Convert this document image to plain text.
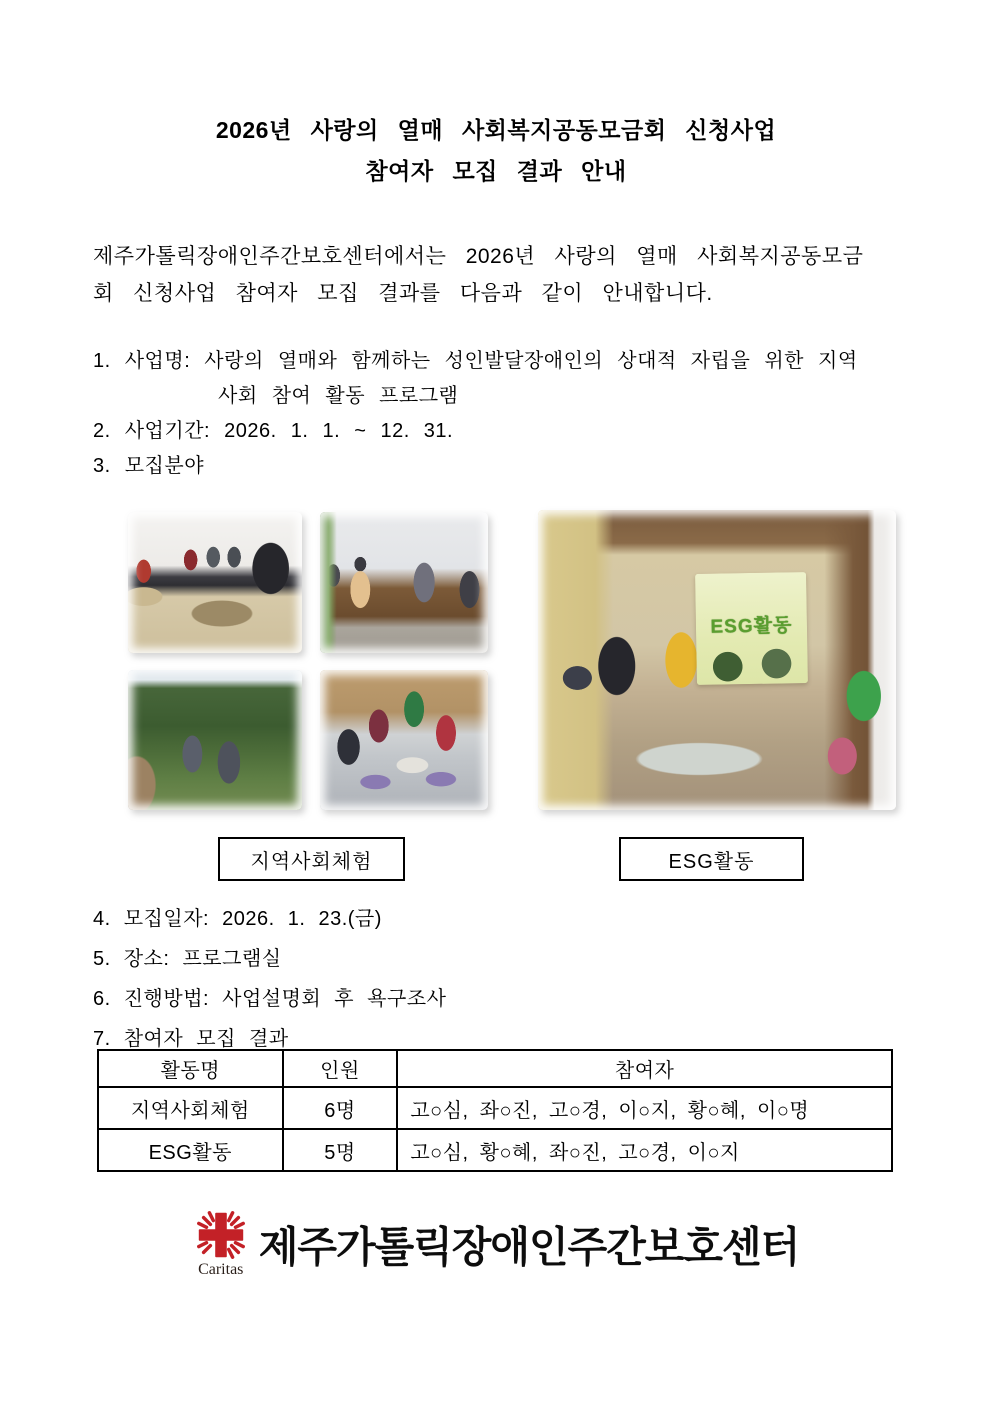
2026년 사랑의 열매 사회복지공동모금회 신청사업
참여자 모집 결과 안내
제주가톨릭장애인주간보호센터에서는 2026년 사랑의 열매 사회복지공동모금
회 신청사업 참여자 모집 결과를 다음과 같이 안내합니다.
1. 사업명: 사랑의 열매와 함께하는 성인발달장애인의 상대적 자립을 위한 지역
사회 참여 활동 프로그램
2. 사업기간: 2026. 1. 1. ~ 12. 31.
3. 모집분야
ESG활동
지역사회체험	ESG활동
4. 모집일자: 2026. 1. 23.(금)
5. 장소: 프로그램실
6. 진행방법: 사업설명회 후 욕구조사
7. 참여자 모집 결과
활동명	인원	참여자
지역사회체험	6명	고○심, 좌○진, 고○경, 이○지, 황○혜, 이○명
ESG활동	5명	고○심, 황○혜, 좌○진, 고○경, 이○지
Caritas 제주가톨릭장애인주간보호센터
